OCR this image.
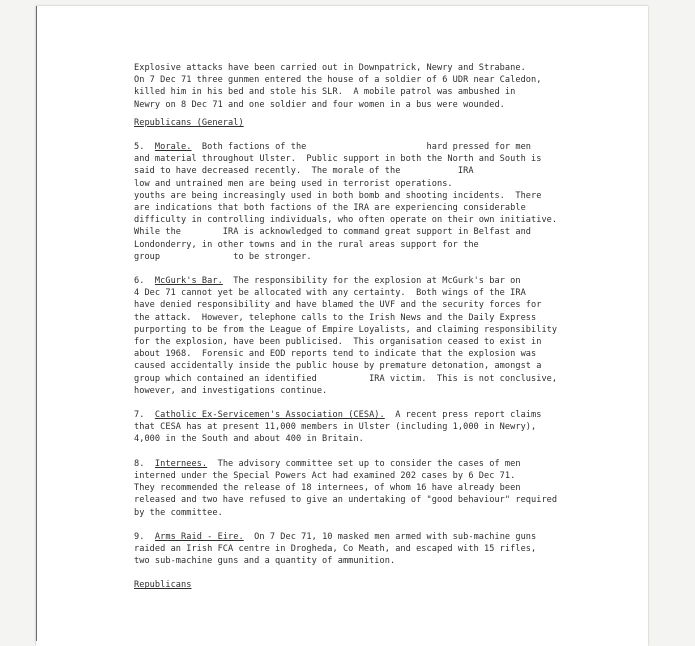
Explosive attacks have been carried out in Downpatrick, Newry and Strabane.
On 7 Dec 71 three gunmen entered the house of a soldier of 6 UDR near Caledon,
killed him in his bed and stole his SLR.  A mobile patrol was ambushed in
Newry on 8 Dec 71 and one soldier and four women in a bus were wounded.
Republicans (General)
5. Morale.  Both factions of the                       hard pressed for men
and material throughout Ulster.  Public support in both the North and South is
said to have decreased recently.  The morale of the           IRA
low and untrained men are being used in terrorist operations.
youths are being increasingly used in both bomb and shooting incidents.  There
are indications that both factions of the IRA are experiencing considerable
difficulty in controlling individuals, who often operate on their own initiative.
While the        IRA is acknowledged to command great support in Belfast and
Londonderry, in other towns and in the rural areas support for the
group              to be stronger.
6. McGurk's Bar.  The responsibility for the explosion at McGurk's bar on
4 Dec 71 cannot yet be allocated with any certainty.  Both wings of the IRA
have denied responsibility and have blamed the UVF and the security forces for
the attack.  However, telephone calls to the Irish News and the Daily Express
purporting to be from the League of Empire Loyalists, and claiming responsibility
for the explosion, have been publicised.  This organisation ceased to exist in
about 1968.  Forensic and EOD reports tend to indicate that the explosion was
caused accidentally inside the public house by premature detonation, amongst a
group which contained an identified          IRA victim.  This is not conclusive,
however, and investigations continue.
7. Catholic Ex-Servicemen's Association (CESA).  A recent press report claims
that CESA has at present 11,000 members in Ulster (including 1,000 in Newry),
4,000 in the South and about 400 in Britain.
8. Internees.  The advisory committee set up to consider the cases of men
interned under the Special Powers Act had examined 202 cases by 6 Dec 71.
They recommended the release of 18 internees, of whom 16 have already been
released and two have refused to give an undertaking of "good behaviour" required
by the committee.
9. Arms Raid - Eire.  On 7 Dec 71, 10 masked men armed with sub-machine guns
raided an Irish FCA centre in Drogheda, Co Meath, and escaped with 15 rifles,
two sub-machine guns and a quantity of ammunition.
Republicans
